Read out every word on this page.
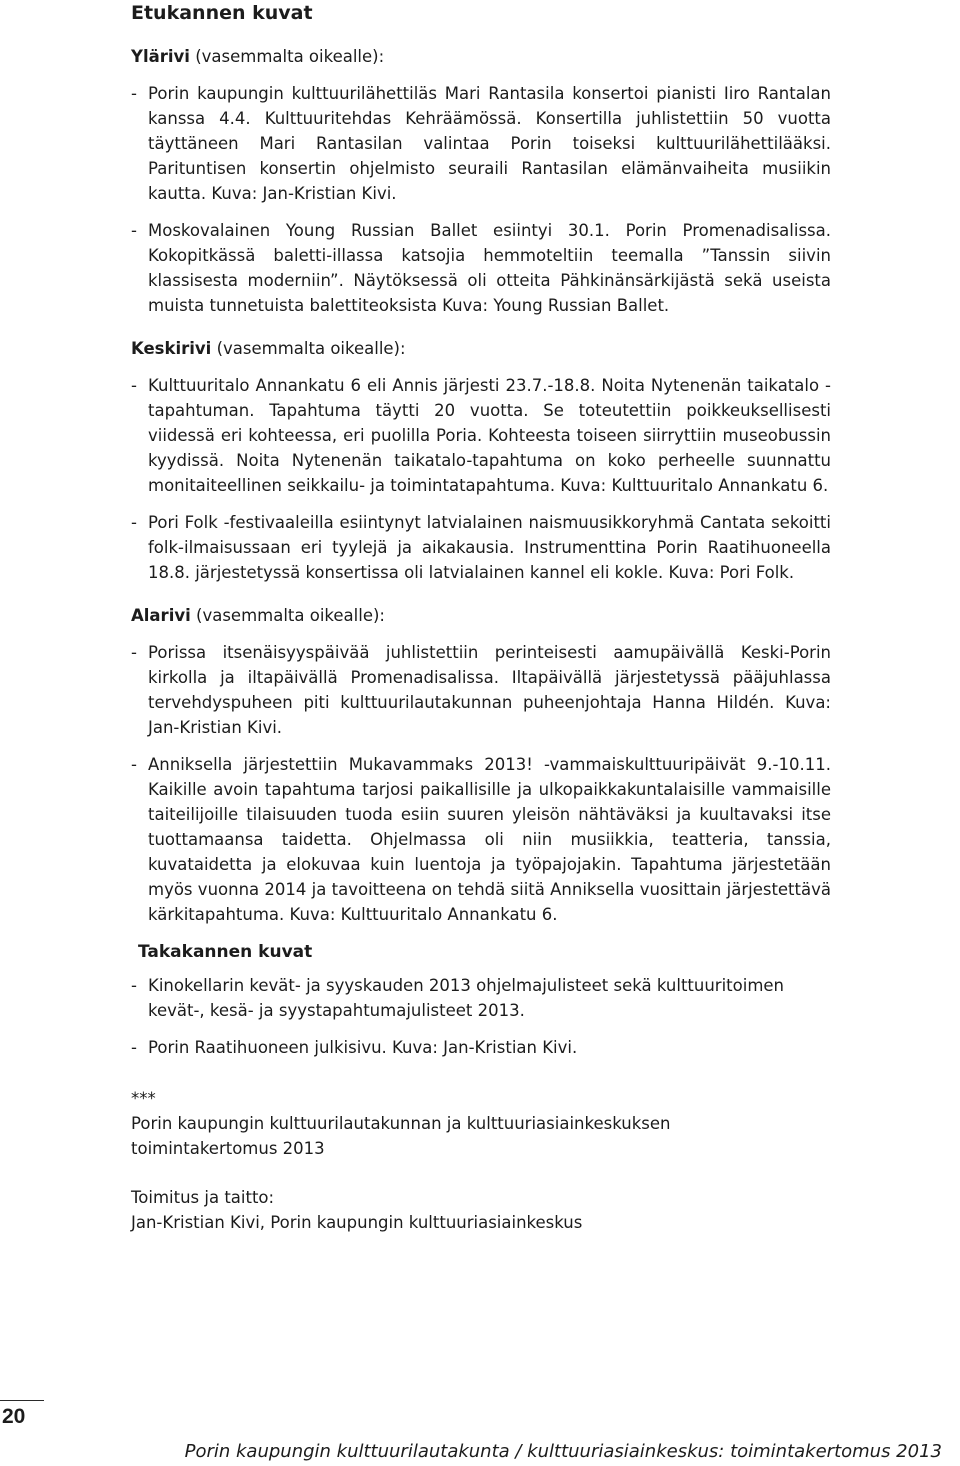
Etukannen kuvat

Ylärivi (vasemmalta oikealle):

- Porin kaupungin kulttuurilähettiläs Mari Rantasila konsertoi pianisti Iiro Rantalan kanssa 4.4. Kulttuuritehdas Kehräämössä. Konsertilla juhlistettiin 50 vuotta täyttäneen Mari Rantasilan valintaa Porin toiseksi kulttuurilähettilääksi. Parituntisen konsertin ohjelmisto seuraili Rantasilan elämänvaiheita musiikin kautta. Kuva: Jan-Kristian Kivi.
- Moskovalainen Young Russian Ballet esiintyi 30.1. Porin Promenadisalissa. Kokopitkässä baletti-illassa katsojia hemmoteltiin teemalla ”Tanssin siivin klassisesta moderniin”. Näytöksessä oli otteita Pähkinänsärkijästä sekä useista muista tunnetuista balettiteoksista Kuva: Young Russian Ballet.

Keskirivi (vasemmalta oikealle):

- Kulttuuritalo Annankatu 6 eli Annis järjesti 23.7.-18.8. Noita Nytenenän taikatalo -tapahtuman. Tapahtuma täytti 20 vuotta. Se toteutettiin poikkeuksellisesti viidessä eri kohteessa, eri puolilla Poria. Kohteesta toiseen siirryttiin museobussin kyydissä. Noita Nytenenän taikatalo-tapahtuma on koko perheelle suunnattu monitaiteellinen seikkailu- ja toimintatapahtuma. Kuva: Kulttuuritalo Annankatu 6.
- Pori Folk -festivaaleilla esiintynyt latvialainen naismuusikkoryhmä Cantata sekoitti folk-ilmaisussaan eri tyylejä ja aikakausia. Instrumenttina Porin Raatihuoneella 18.8. järjestetyssä konsertissa oli latvialainen kannel eli kokle. Kuva: Pori Folk.

Alarivi (vasemmalta oikealle):

- Porissa itsenäisyyspäivää juhlistettiin perinteisesti aamupäivällä Keski-Porin kirkolla ja iltapäivällä Promenadisalissa. Iltapäivällä järjestetyssä pääjuhlassa tervehdyspuheen piti kulttuurilautakunnan puheenjohtaja Hanna Hildén. Kuva: Jan-Kristian Kivi.
- Anniksella järjestettiin Mukavammaks 2013! -vammaiskulttuuripäivät 9.-10.11. Kaikille avoin tapahtuma tarjosi paikallisille ja ulkopaikkakuntalaisille vammaisille taiteilijoille tilaisuuden tuoda esiin suuren yleisön nähtäväksi ja kuultavaksi itse tuottamaansa taidetta. Ohjelmassa oli niin musiikkia, teatteria, tanssia, kuvataidetta ja elokuvaa kuin luentoja ja työpajojakin. Tapahtuma järjestetään myös vuonna 2014 ja tavoitteena on tehdä siitä Anniksella vuosittain järjestettävä kärkitapahtuma. Kuva: Kulttuuritalo Annankatu 6.
Takakannen kuvat
- Kinokellarin kevät- ja syyskauden 2013 ohjelmajulisteet sekä kulttuuritoimen kevät-, kesä- ja syystapahtumajulisteet 2013.
- Porin Raatihuoneen julkisivu. Kuva: Jan-Kristian Kivi.

***

Porin kaupungin kulttuurilautakunnan ja kulttuuriasiainkeskuksen toimintakertomus 2013

Toimitus ja taitto:

Jan-Kristian Kivi, Porin kaupungin kulttuuriasiainkeskus

20
Porin kaupungin kulttuurilautakunta / kulttuuriasiainkeskus: toimintakertomus 2013
